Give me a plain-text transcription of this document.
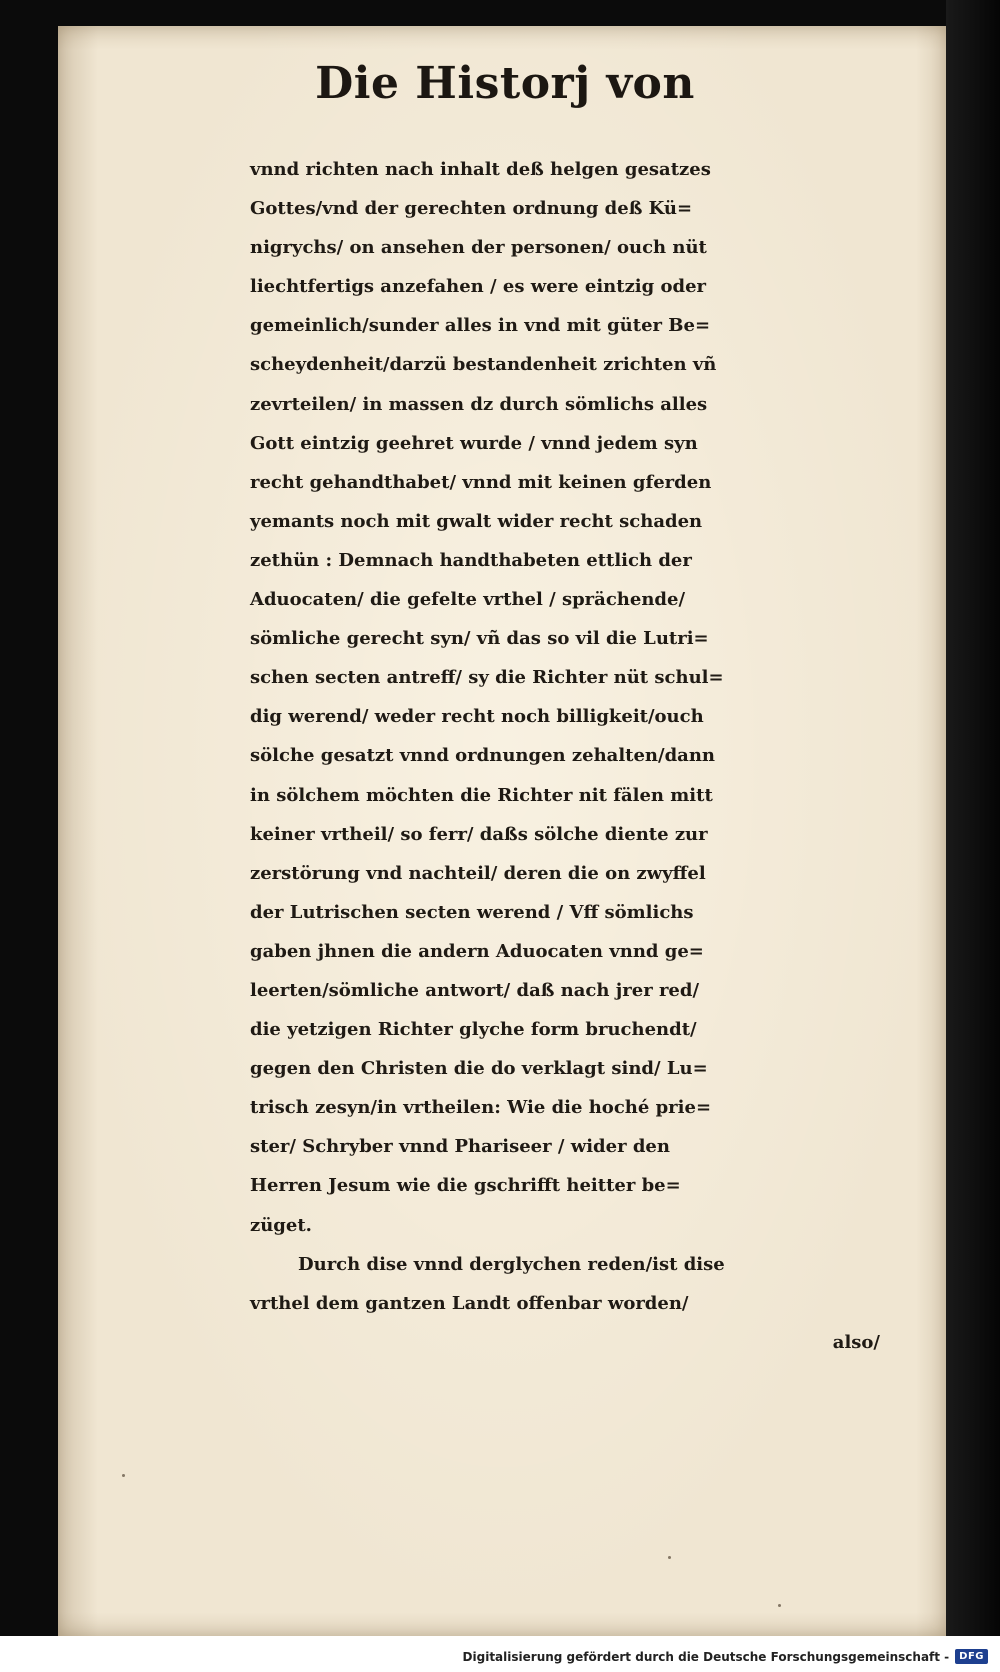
Die Historj von
vnnd richten nach inhalt deß helgen gesatzes
Gottes/vnd der gerechten ordnung deß Kü=
nigrychs/ on ansehen der personen/ ouch nüt
liechtfertigs anzefahen / es were eintzig oder
gemeinlich/sunder alles in vnd mit güter Be=
scheydenheit/darzü bestandenheit zrichten vñ
zevrteilen/ in massen dz durch sömlichs alles
Gott eintzig geehret wurde / vnnd jedem syn
recht gehandthabet/ vnnd mit keinen gferden
yemants noch mit gwalt wider recht schaden
zethün : Demnach handthabeten ettlich der
Aduocaten/ die gefelte vrthel / sprächende/
sömliche gerecht syn/ vñ das so vil die Lutri=
schen secten antreff/ sy die Richter nüt schul=
dig werend/ weder recht noch billigkeit/ouch
sölche gesatzt vnnd ordnungen zehalten/dann
in sölchem möchten die Richter nit fälen mitt
keiner vrtheil/ so ferr/ daßs sölche diente zur
zerstörung vnd nachteil/ deren die on zwyffel
der Lutrischen secten werend / Vff sömlichs
gaben jhnen die andern Aduocaten vnnd ge=
leerten/sömliche antwort/ daß nach jrer red/
die yetzigen Richter glyche form bruchendt/
gegen den Christen die do verklagt sind/ Lu=
trisch zesyn/in vrtheilen: Wie die hoché prie=
ster/ Schryber vnnd Phariseer / wider den
Herren Jesum wie die gschrifft heitter be=
züget.
Durch dise vnnd derglychen reden/ist dise
vrthel dem gantzen Landt offenbar worden/
also/
Digitalisierung gefördert durch die Deutsche Forschungsgemeinschaft -	DFG
